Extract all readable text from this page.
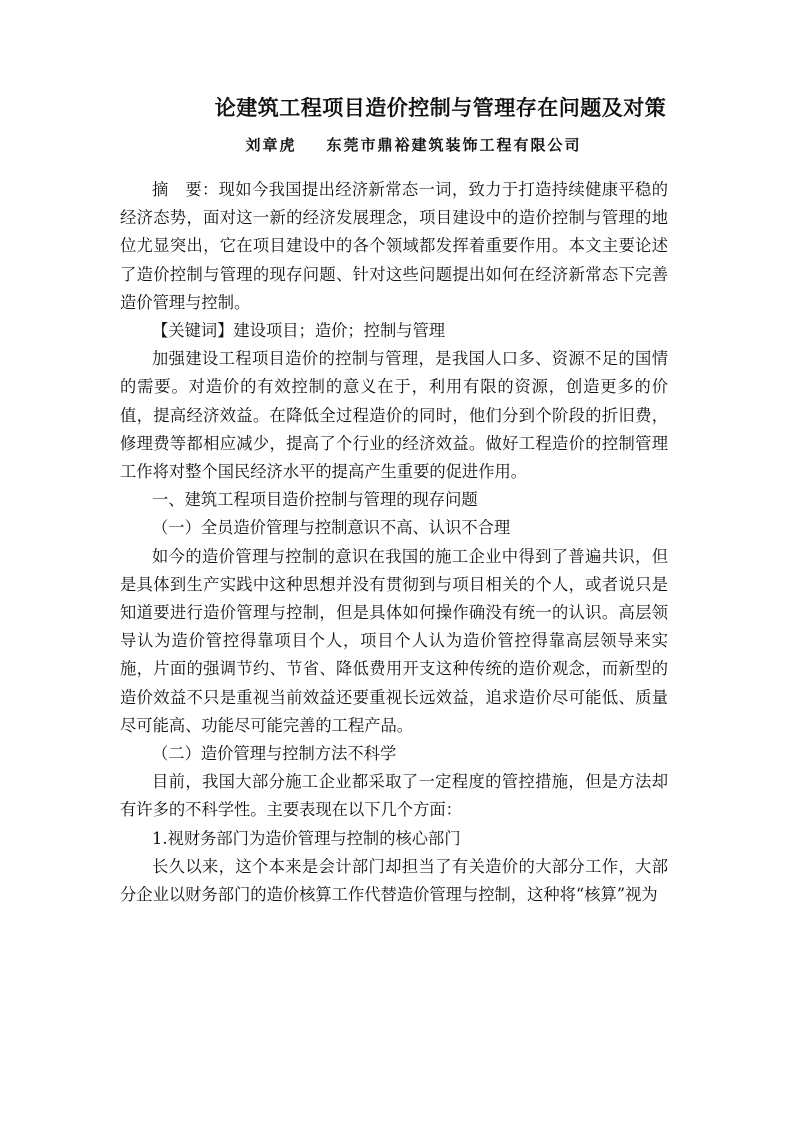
论建筑工程项目造价控制与管理存在问题及对策
刘章虎 东莞市鼎裕建筑装饰工程有限公司

摘　要：现如今我国提出经济新常态一词，致力于打造持续健康平稳的经济态势，面对这一新的经济发展理念，项目建设中的造价控制与管理的地位尤显突出，它在项目建设中的各个领域都发挥着重要作用。本文主要论述了造价控制与管理的现存问题、针对这些问题提出如何在经济新常态下完善造价管理与控制。

【关键词】建设项目；造价；控制与管理

加强建设工程项目造价的控制与管理，是我国人口多、资源不足的国情的需要。对造价的有效控制的意义在于，利用有限的资源，创造更多的价值，提高经济效益。在降低全过程造价的同时，他们分到个阶段的折旧费，修理费等都相应减少，提高了个行业的经济效益。做好工程造价的控制管理工作将对整个国民经济水平的提高产生重要的促进作用。

一、建筑工程项目造价控制与管理的现存问题

（一）全员造价管理与控制意识不高、认识不合理

如今的造价管理与控制的意识在我国的施工企业中得到了普遍共识，但是具体到生产实践中这种思想并没有贯彻到与项目相关的个人，或者说只是知道要进行造价管理与控制，但是具体如何操作确没有统一的认识。高层领导认为造价管控得靠项目个人，项目个人认为造价管控得靠高层领导来实施，片面的强调节约、节省、降低费用开支这种传统的造价观念，而新型的造价效益不只是重视当前效益还要重视长远效益，追求造价尽可能低、质量尽可能高、功能尽可能完善的工程产品。

（二）造价管理与控制方法不科学

目前，我国大部分施工企业都采取了一定程度的管控措施，但是方法却有许多的不科学性。主要表现在以下几个方面：

1.视财务部门为造价管理与控制的核心部门

长久以来，这个本来是会计部门却担当了有关造价的大部分工作，大部分企业以财务部门的造价核算工作代替造价管理与控制，这种将“核算”视为
